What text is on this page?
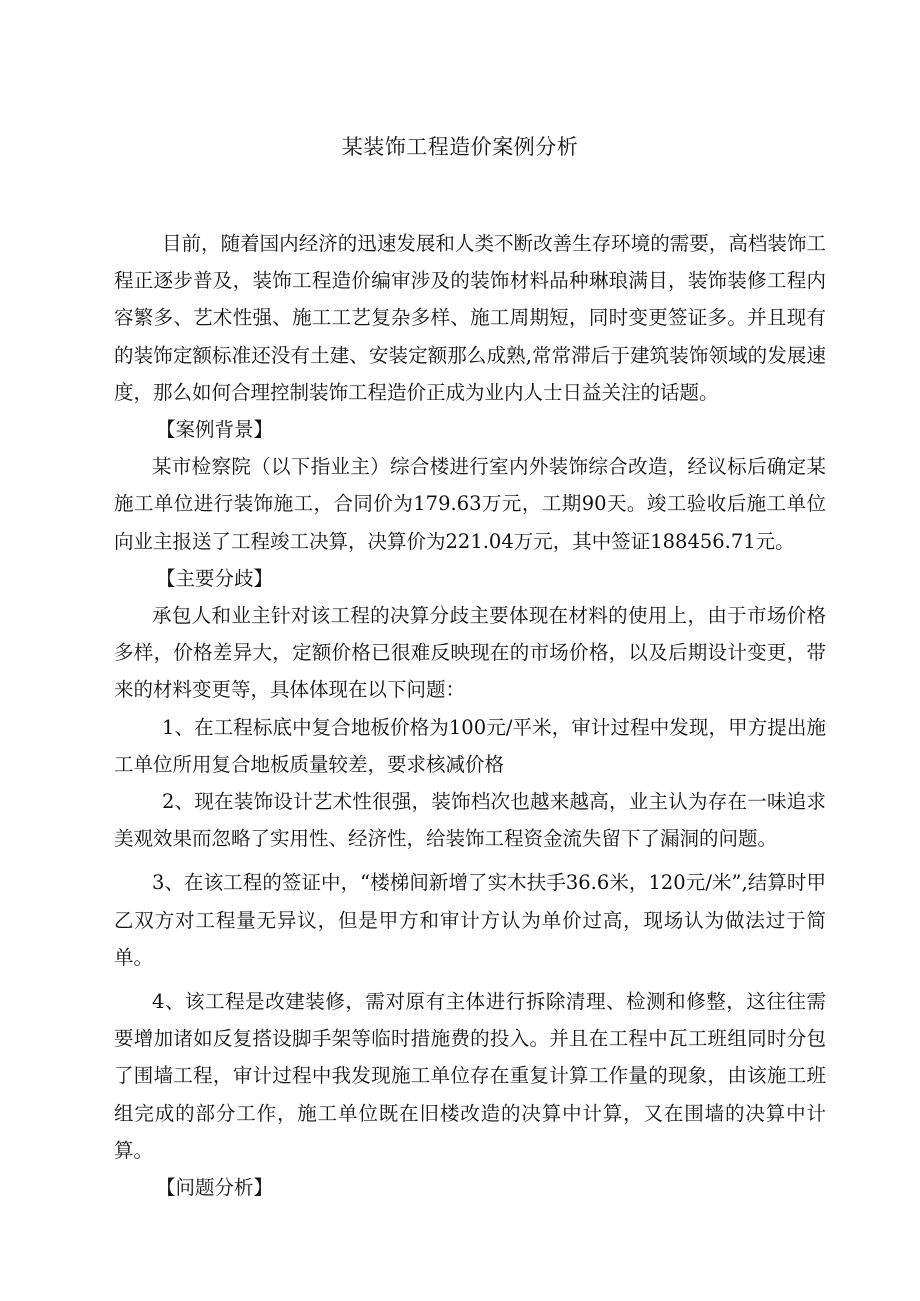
某装饰工程造价案例分析

目前，随着国内经济的迅速发展和人类不断改善生存环境的需要，高档装饰工程正逐步普及，装饰工程造价编审涉及的装饰材料品种琳琅满目，装饰装修工程内容繁多、艺术性强、施工工艺复杂多样、施工周期短，同时变更签证多。并且现有的装饰定额标准还没有土建、安装定额那么成熟,常常滞后于建筑装饰领域的发展速度，那么如何合理控制装饰工程造价正成为业内人士日益关注的话题。

【案例背景】

某市检察院（以下指业主）综合楼进行室内外装饰综合改造，经议标后确定某施工单位进行装饰施工，合同价为179.63万元，工期90天。竣工验收后施工单位向业主报送了工程竣工决算，决算价为221.04万元，其中签证188456.71元。

【主要分歧】

承包人和业主针对该工程的决算分歧主要体现在材料的使用上，由于市场价格多样，价格差异大，定额价格已很难反映现在的市场价格，以及后期设计变更，带来的材料变更等，具体体现在以下问题：

1、在工程标底中复合地板价格为100元/平米，审计过程中发现，甲方提出施工单位所用复合地板质量较差，要求核减价格

2、现在装饰设计艺术性很强，装饰档次也越来越高，业主认为存在一味追求美观效果而忽略了实用性、经济性，给装饰工程资金流失留下了漏洞的问题。

3、在该工程的签证中，“楼梯间新增了实木扶手36.6米，120元/米”,结算时甲乙双方对工程量无异议，但是甲方和审计方认为单价过高，现场认为做法过于简单。

4、该工程是改建装修，需对原有主体进行拆除清理、检测和修整，这往往需要增加诸如反复搭设脚手架等临时措施费的投入。并且在工程中瓦工班组同时分包了围墙工程，审计过程中我发现施工单位存在重复计算工作量的现象，由该施工班组完成的部分工作，施工单位既在旧楼改造的决算中计算，又在围墙的决算中计算。

【问题分析】
